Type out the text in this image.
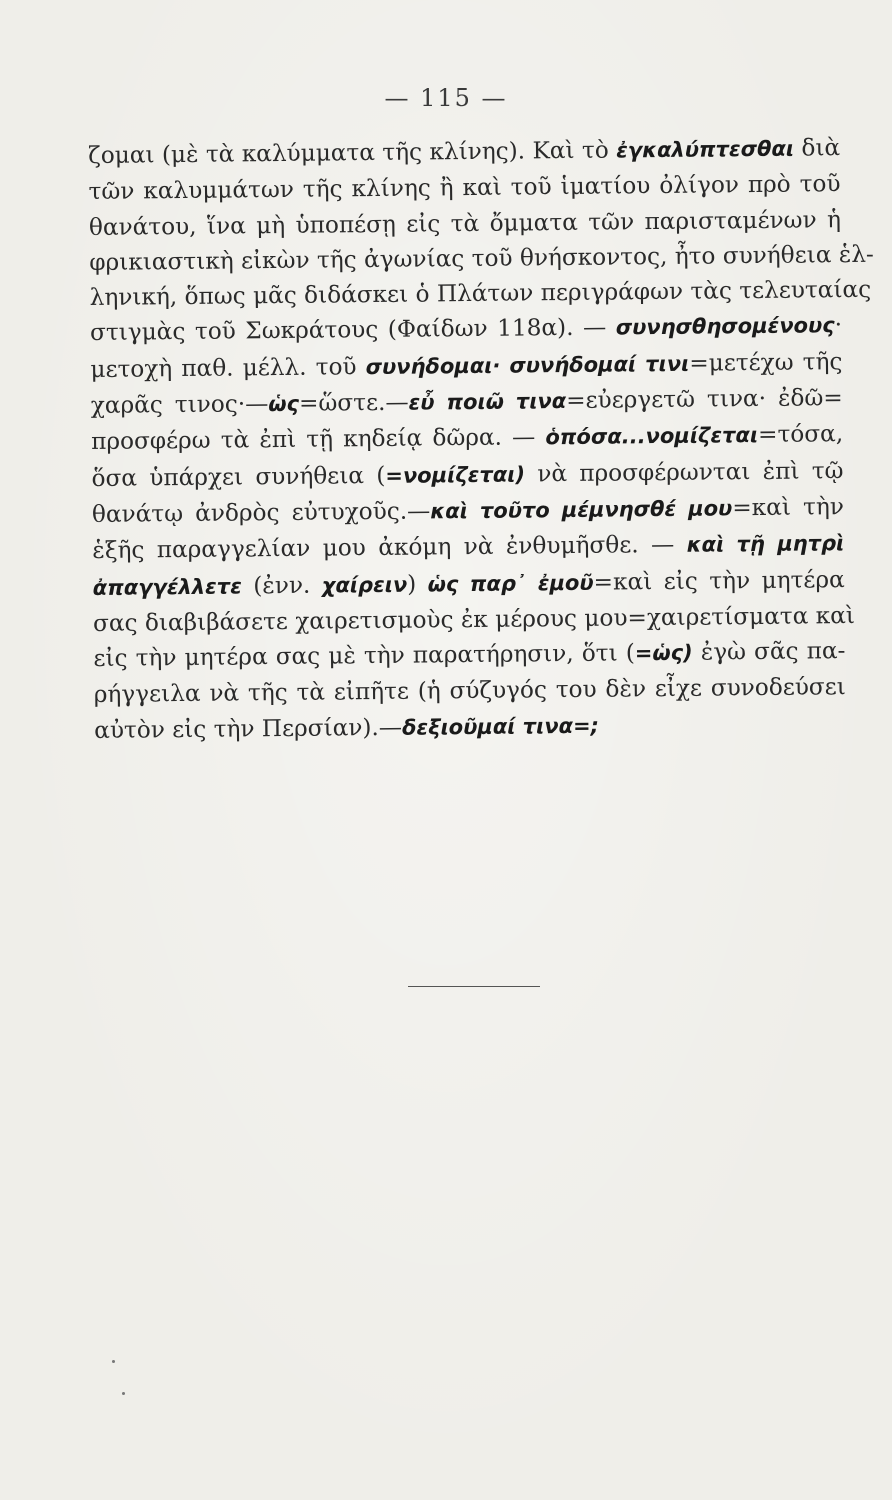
— 115 —
ζομαι (μὲ τὰ καλύμματα τῆς κλίνης). Καὶ τὸ ἐγκαλύπτεσθαι διὰ
τῶν καλυμμάτων τῆς κλίνης ἢ καὶ τοῦ ἱματίου ὀλίγον πρὸ τοῦ
θανάτου, ἵνα μὴ ὑποπέσῃ εἰς τὰ ὄμματα τῶν παρισταμένων ἡ
φρικιαστικὴ εἰκὼν τῆς ἀγωνίας τοῦ θνήσκοντος, ἦτο συνήθεια ἑλ-
ληνική, ὅπως μᾶς διδάσκει ὁ Πλάτων περιγράφων τὰς τελευταίας
στιγμὰς τοῦ Σωκράτους (Φαίδων 118α). — συνησθησομένους·
μετοχὴ παθ. μέλλ. τοῦ συνήδομαι· συνήδομαί τινι=μετέχω τῆς
χαρᾶς τινος·—ὡς=ὥστε.—εὖ ποιῶ τινα=εὐεργετῶ τινα· ἐδῶ=
προσφέρω τὰ ἐπὶ τῇ κηδείᾳ δῶρα. — ὁπόσα...νομίζεται=τόσα,
ὅσα ὑπάρχει συνήθεια (=νομίζεται) νὰ προσφέρωνται ἐπὶ τῷ
θανάτῳ ἀνδρὸς εὐτυχοῦς.—καὶ τοῦτο μέμνησθέ μου=καὶ τὴν
ἑξῆς παραγγελίαν μου ἀκόμη νὰ ἐνθυμῆσθε. — καὶ τῇ μητρὶ
ἀπαγγέλλετε (ἐνν. χαίρειν) ὡς παρ᾽ ἐμοῦ=καὶ εἰς τὴν μητέρα
σας διαβιβάσετε χαιρετισμοὺς ἐκ μέρους μου=χαιρετίσματα καὶ
εἰς τὴν μητέρα σας μὲ τὴν παρατήρησιν, ὅτι (=ὡς) ἐγὼ σᾶς πα-
ρήγγειλα νὰ τῆς τὰ εἰπῆτε (ἡ σύζυγός του δὲν εἶχε συνοδεύσει
αὐτὸν εἰς τὴν Περσίαν).—δεξιοῦμαί τινα=;
